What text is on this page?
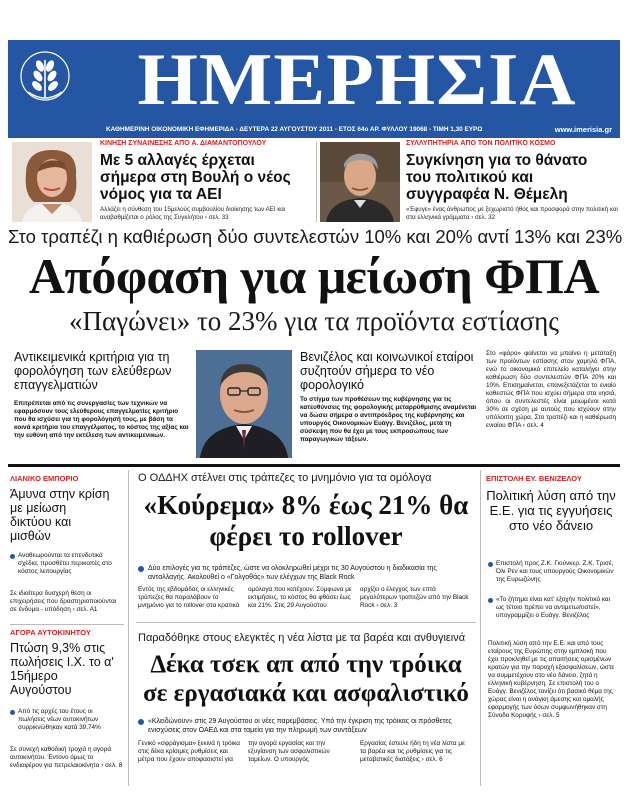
ΗΜΕΡΗΣΙΑ
ΚΑΘΗΜΕΡΙΝΗ ΟΙΚΟΝΟΜΙΚΗ ΕΦΗΜΕΡΙΔΑ - ΔΕΥΤΕΡΑ 22 ΑΥΓΟΥΣΤΟΥ 2011 - ΕΤΟΣ 64ο ΑΡ. ΦΥΛΛΟΥ 19068 - ΤΙΜΗ 1,30 ΕΥΡΩ	www.imerisia.gr
ΚΙΝΗΣΗ ΣΥΝΑΙΝΕΣΗΣ ΑΠΟ Α. ΔΙΑΜΑΝΤΟΠΟΥΛΟΥ
Με 5 αλλαγές έρχεται σήμερα στη Βουλή ο νέος νόμος για τα ΑΕΙ
Αλλάζει η σύνθεση του 15μελούς συμβουλίου διοίκησης των ΑΕΙ και αναβαθμίζεται ο ρόλος της Συγκλήτου › σελ. 33
ΣΥΛΛΥΠΗΤΗΡΙΑ ΑΠΟ ΤΟΝ ΠΟΛΙΤΙΚΟ ΚΟΣΜΟ
Συγκίνηση για το θάνατο του πολιτικού και συγγραφέα Ν. Θέμελη
«Έφυγε» ένας άνθρωπος με ξεχωριστό ήθος και προσφορά στην πολιτική και στα ελληνικά γράμματα › σελ. 32
Στο τραπέζι η καθιέρωση δύο συντελεστών 10% και 20% αντί 13% και 23%
Απόφαση για μείωση ΦΠΑ
«Παγώνει» το 23% για τα προϊόντα εστίασης
Αντικειμενικά κριτήρια για τη φορολόγηση των ελεύθερων επαγγελματιών
Επιτρέπεται από τις συνεργασίες των τεχνικών να εφαρμόσουν τους ελεύθερους επαγγελματίες κριτήριο που θα ισχύσει για τη φορολόγησή τους, με βάση τα κοινά κριτήρια του επαγγέλματος, το κόστος της αξίας και την ευθύνη από την εκτέλεση των αντικειμενικών.
Βενιζέλος και κοινωνικοί εταίροι συζητούν σήμερα το νέο φορολογικό
Το στίγμα των προθέσεων της κυβέρνησης για τις κατευθύνσεις της φορολογικής μεταρρύθμισης αναμένεται να δώσει σήμερα ο αντιπρόεδρος της κυβέρνησης και υπουργός Οικονομικών Ευάγγ. Βενιζέλος, μετά τη σύσκεψη που θα έχει με τους εκπροσώπους των παραγωγικών τάξεων.
Στο «φάρο» φαίνεται να μπαίνει η μετάταξη των προϊόντων εστίασης στον χαμηλό ΦΠΑ, ενώ το οικονομικό επιτελείο καταλήγει στην καθιέρωση δύο συντελεστών ΦΠΑ 20% και 10%. Επισημαίνεται, επανεξετάζεται το ενιαίο καθεστώς ΦΠΑ που ισχύει σήμερα στα νησιά, όπου οι συντελεστές είναι μειωμένοι κατά 30% σε σχέση με αυτούς που ισχύουν στην υπόλοιπη χώρα. Στο τραπέζι και η καθιέρωση ενιαίου ΦΠΑ › σελ. 4
ΛΙΑΝΙΚΟ ΕΜΠΟΡΙΟ
Άμυνα στην κρίση με μείωση δικτύου και μισθών
Αναθεωρούνται τα επενδυτικά σχέδια, προσθέτει περικοπές στο κόστος λειτουργίας
Σε ιδιαίτερα δυσχερή θέση οι επιχειρήσεις που δραστηριοποιούνται σε ένδυμα - υπόδηση › σελ. Α1
ΑΓΟΡΑ ΑΥΤΟΚΙΝΗΤΟΥ
Πτώση 9,3% στις πωλήσεις Ι.Χ. το α' 15ήμερο Αυγούστου
Από τις αρχές του έτους οι πωλήσεις νέων αυτοκινήτων συρρικνώθηκαν κατά 39,74%
Σε συνεχή καθοδική τροχιά η αγορά αυτοκινήτου. Έντονο όμως το ενδιαφέρον για πετρελαιοκίνητα › σελ. 8
Ο ΟΔΔΗΧ στέλνει στις τράπεζες το μνημόνιο για τα ομόλογα
«Κούρεμα» 8% έως 21% θα φέρει το rollover
Δύο επιλογές για τις τράπεζες, ώστε να ολοκληρωθεί μέχρι τις 30 Αυγούστου η διαδικασία της ανταλλαγής. Ακολουθεί ο «Γολγοθάς» των ελέγχων της Black Rock
Εντός της εβδομάδας οι ελληνικές τράπεζες θα παραλάβουν το μνημόνιο για το rollover στα κρατικά
ομόλογα που κατέχουν. Σύμφωνα με εκτιμήσεις, το κόστος θα φθάσει έως και 21%. Στις 29 Αυγούστου
αρχίζει ο έλεγχος των επτά μεγαλύτερων τραπεζών από την Black Rock › σελ. 3
Παραδόθηκε στους ελεγκτές η νέα λίστα με τα βαρέα και ανθυγιεινά
Δέκα τσεκ απ από την τρόικα σε εργασιακά και ασφαλιστικό
«Κλειδώνουν» στις 29 Αυγούστου οι νέες παρεμβάσεις. Υπό την έγκριση της τρόικας οι πρόσθετες ενισχύσεις στον ΟΑΕΔ και στα ταμεία για την πληρωμή των συντάξεων
Γενικό «σφράγισμα» ξεκινά η τρόικα στις δέκα κρίσιμες ρυθμίσεις και μέτρα που έχουν αποφασιστεί για
την αγορά εργασίας και την εξυγίανση των ασφαλιστικών ταμείων. Ο υπουργός
Εργασίας έστειλε ήδη τη νέα λίστα με τα βαρέα και τις ρυθμίσεις για τις μεταβατικές διατάξεις › σελ. 6
ΕΠΙΣΤΟΛΗ ΕΥ. ΒΕΝΙΖΕΛΟΥ
Πολιτική λύση από την Ε.Ε. για τις εγγυήσεις στο νέο δάνειο
Επιστολή προς Ζ.Κ. Γιούνκερ, Ζ.Κ. Τρισέ, Όλι Ρεν και τους υπουργούς Οικονομικών της Ευρωζώνης
«Το ζήτημα είναι κατ' εξοχήν πολιτικό και ως τέτοιο πρέπει να αντιμετωπιστεί», υπογραμμίζει ο Ευάγγ. Βενιζέλος
Πολιτική λύση από την Ε.Ε. και από τους εταίρους της Ευρώπης στην εμπλοκή που έχει προκληθεί με τις απαιτήσεις ορισμένων κρατών για την παροχή εξασφαλίσεων, ώστε να συμμετέχουν στο νέο δάνειο, ζητά η ελληνική κυβέρνηση. Σε επιστολή του ο Ευάγγ. Βενιζέλος τονίζει ότι βασικό θέμα της χώρας είναι η ανάγκη άμεσης και ομαλής εφαρμογής των όσων συμφωνήθηκαν στη Σύνοδο Κορυφής › σελ. 5
